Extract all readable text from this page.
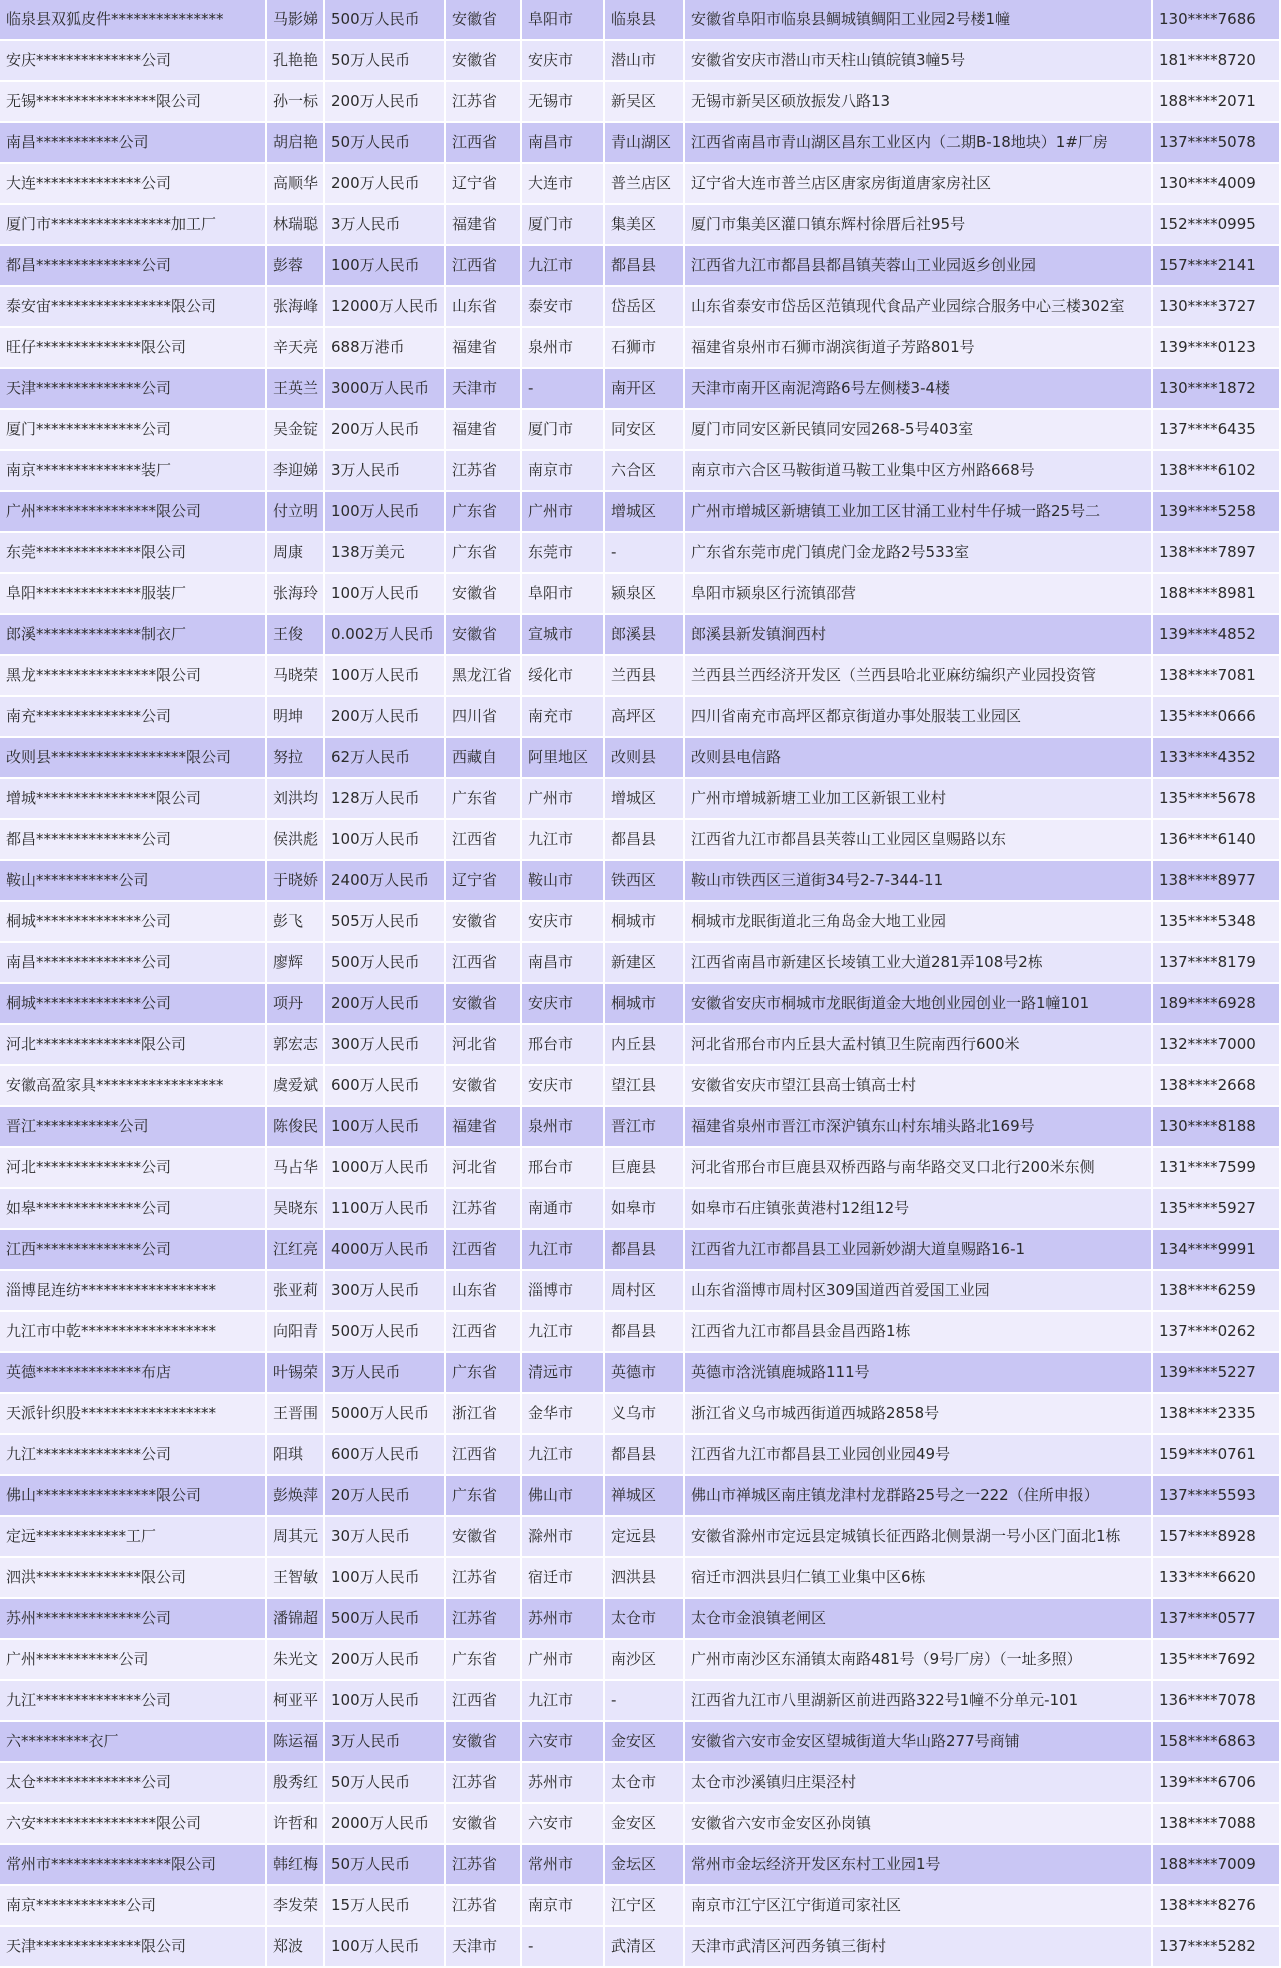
临泉县双狐皮件***************	马影娣	500万人民币	安徽省	阜阳市	临泉县	安徽省阜阳市临泉县鲷城镇鲷阳工业园2号楼1幢	130****7686
安庆**************公司	孔艳艳	50万人民币	安徽省	安庆市	潜山市	安徽省安庆市潜山市天柱山镇皖镇3幢5号	181****8720
无锡****************限公司	孙一标	200万人民币	江苏省	无锡市	新吴区	无锡市新吴区硕放振发八路13	188****2071
南昌***********公司	胡启艳	50万人民币	江西省	南昌市	青山湖区	江西省南昌市青山湖区昌东工业区内（二期B-18地块）1#厂房	137****5078
大连**************公司	高顺华	200万人民币	辽宁省	大连市	普兰店区	辽宁省大连市普兰店区唐家房街道唐家房社区	130****4009
厦门市****************加工厂	林瑞聪	3万人民币	福建省	厦门市	集美区	厦门市集美区灌口镇东辉村徐厝后社95号	152****0995
都昌**************公司	彭蓉	100万人民币	江西省	九江市	都昌县	江西省九江市都昌县都昌镇芙蓉山工业园返乡创业园	157****2141
泰安宙****************限公司	张海峰	12000万人民币	山东省	泰安市	岱岳区	山东省泰安市岱岳区范镇现代食品产业园综合服务中心三楼302室	130****3727
旺仔**************限公司	辛天亮	688万港币	福建省	泉州市	石狮市	福建省泉州市石狮市湖滨街道子芳路801号	139****0123
天津**************公司	王英兰	3000万人民币	天津市	-	南开区	天津市南开区南泥湾路6号左侧楼3-4楼	130****1872
厦门**************公司	吴金锭	200万人民币	福建省	厦门市	同安区	厦门市同安区新民镇同安园268-5号403室	137****6435
南京**************装厂	李迎娣	3万人民币	江苏省	南京市	六合区	南京市六合区马鞍街道马鞍工业集中区方州路668号	138****6102
广州****************限公司	付立明	100万人民币	广东省	广州市	增城区	广州市增城区新塘镇工业加工区甘涌工业村牛仔城一路25号二	139****5258
东莞**************限公司	周康	138万美元	广东省	东莞市	-	广东省东莞市虎门镇虎门金龙路2号533室	138****7897
阜阳**************服装厂	张海玲	100万人民币	安徽省	阜阳市	颍泉区	阜阳市颍泉区行流镇邵营	188****8981
郎溪**************制衣厂	王俊	0.002万人民币	安徽省	宣城市	郎溪县	郎溪县新发镇涧西村	139****4852
黑龙****************限公司	马晓荣	100万人民币	黑龙江省	绥化市	兰西县	兰西县兰西经济开发区（兰西县哈北亚麻纺编织产业园投资管	138****7081
南充**************公司	明坤	200万人民币	四川省	南充市	高坪区	四川省南充市高坪区都京街道办事处服装工业园区	135****0666
改则县******************限公司	努拉	62万人民币	西藏自	阿里地区	改则县	改则县电信路	133****4352
增城****************限公司	刘洪均	128万人民币	广东省	广州市	增城区	广州市增城新塘工业加工区新银工业村	135****5678
都昌**************公司	侯洪彪	100万人民币	江西省	九江市	都昌县	江西省九江市都昌县芙蓉山工业园区皇赐路以东	136****6140
鞍山***********公司	于晓娇	2400万人民币	辽宁省	鞍山市	铁西区	鞍山市铁西区三道街34号2-7-344-11	138****8977
桐城**************公司	彭飞	505万人民币	安徽省	安庆市	桐城市	桐城市龙眠街道北三角岛金大地工业园	135****5348
南昌**************公司	廖辉	500万人民币	江西省	南昌市	新建区	江西省南昌市新建区长堎镇工业大道281弄108号2栋	137****8179
桐城**************公司	项丹	200万人民币	安徽省	安庆市	桐城市	安徽省安庆市桐城市龙眠街道金大地创业园创业一路1幢101	189****6928
河北**************限公司	郭宏志	300万人民币	河北省	邢台市	内丘县	河北省邢台市内丘县大孟村镇卫生院南西行600米	132****7000
安徽高盈家具*****************	虞爱斌	600万人民币	安徽省	安庆市	望江县	安徽省安庆市望江县高士镇高士村	138****2668
晋江***********公司	陈俊民	100万人民币	福建省	泉州市	晋江市	福建省泉州市晋江市深沪镇东山村东埔头路北169号	130****8188
河北**************公司	马占华	1000万人民币	河北省	邢台市	巨鹿县	河北省邢台市巨鹿县双桥西路与南华路交叉口北行200米东侧	131****7599
如皋**************公司	吴晓东	1100万人民币	江苏省	南通市	如皋市	如皋市石庄镇张黄港村12组12号	135****5927
江西**************公司	江红亮	4000万人民币	江西省	九江市	都昌县	江西省九江市都昌县工业园新妙湖大道皇赐路16-1	134****9991
淄博昆连纺******************	张亚莉	300万人民币	山东省	淄博市	周村区	山东省淄博市周村区309国道西首爱国工业园	138****6259
九江市中乾******************	向阳青	500万人民币	江西省	九江市	都昌县	江西省九江市都昌县金昌西路1栋	137****0262
英德**************布店	叶锡荣	3万人民币	广东省	清远市	英德市	英德市浛洸镇鹿城路111号	139****5227
天派针织股******************	王晋围	5000万人民币	浙江省	金华市	义乌市	浙江省义乌市城西街道西城路2858号	138****2335
九江**************公司	阳琪	600万人民币	江西省	九江市	都昌县	江西省九江市都昌县工业园创业园49号	159****0761
佛山****************限公司	彭焕萍	20万人民币	广东省	佛山市	禅城区	佛山市禅城区南庄镇龙津村龙群路25号之一222（住所申报）	137****5593
定远************工厂	周其元	30万人民币	安徽省	滁州市	定远县	安徽省滁州市定远县定城镇长征西路北侧景湖一号小区门面北1栋	157****8928
泗洪**************限公司	王智敏	100万人民币	江苏省	宿迁市	泗洪县	宿迁市泗洪县归仁镇工业集中区6栋	133****6620
苏州**************公司	潘锦超	500万人民币	江苏省	苏州市	太仓市	太仓市金浪镇老闸区	137****0577
广州***********公司	朱光文	200万人民币	广东省	广州市	南沙区	广州市南沙区东涌镇太南路481号（9号厂房）（一址多照）	135****7692
九江**************公司	柯亚平	100万人民币	江西省	九江市	-	江西省九江市八里湖新区前进西路322号1幢不分单元-101	136****7078
六*********衣厂	陈运福	3万人民币	安徽省	六安市	金安区	安徽省六安市金安区望城街道大华山路277号商铺	158****6863
太仓**************公司	殷秀红	50万人民币	江苏省	苏州市	太仓市	太仓市沙溪镇归庄渠泾村	139****6706
六安****************限公司	许哲和	2000万人民币	安徽省	六安市	金安区	安徽省六安市金安区孙岗镇	138****7088
常州市****************限公司	韩红梅	50万人民币	江苏省	常州市	金坛区	常州市金坛经济开发区东村工业园1号	188****7009
南京************公司	李发荣	15万人民币	江苏省	南京市	江宁区	南京市江宁区江宁街道司家社区	138****8276
天津**************限公司	郑波	100万人民币	天津市	-	武清区	天津市武清区河西务镇三街村	137****5282
